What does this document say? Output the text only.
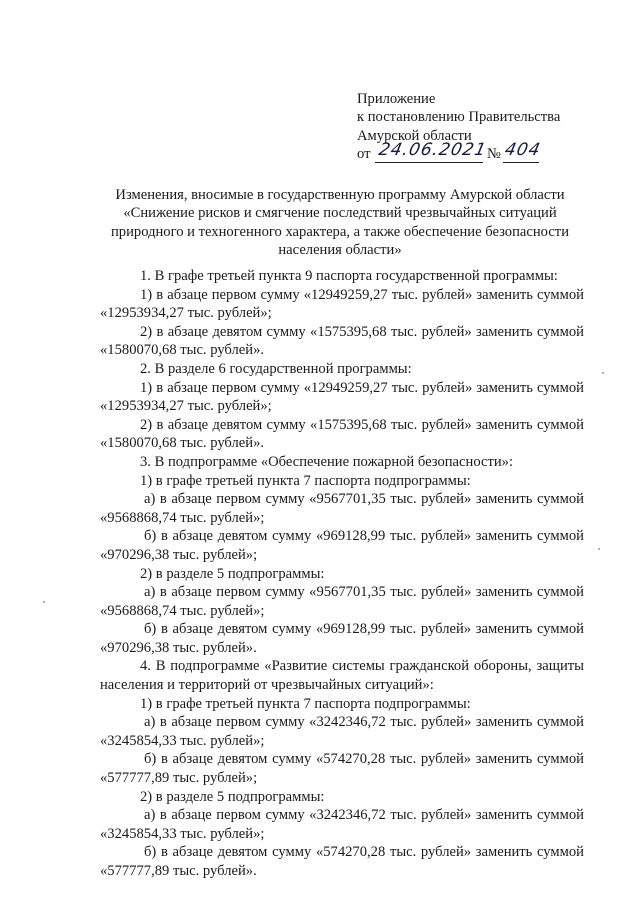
Приложение
к постановлению Правительства
Амурской области
от 24.06.2021
№ 404
Изменения, вносимые в государственную программу Амурской области
«Снижение рисков и смягчение последствий чрезвычайных ситуаций
природного и техногенного характера, а также обеспечение безопасности
населения области»
1. В графе третьей пункта 9 паспорта государственной программы:
1) в абзаце первом сумму «12949259,27 тыс. рублей» заменить суммой
«12953934,27 тыс. рублей»;
2) в абзаце девятом сумму «1575395,68 тыс. рублей» заменить суммой
«1580070,68 тыс. рублей».
2. В разделе 6 государственной программы:
1) в абзаце первом сумму «12949259,27 тыс. рублей» заменить суммой
«12953934,27 тыс. рублей»;
2) в абзаце девятом сумму «1575395,68 тыс. рублей» заменить суммой
«1580070,68 тыс. рублей».
3. В подпрограмме «Обеспечение пожарной безопасности»:
1) в графе третьей пункта 7 паспорта подпрограммы:
а) в абзаце первом сумму «9567701,35 тыс. рублей» заменить суммой
«9568868,74 тыс. рублей»;
б) в абзаце девятом сумму «969128,99 тыс. рублей» заменить суммой
«970296,38 тыс. рублей»;
2) в разделе 5 подпрограммы:
а) в абзаце первом сумму «9567701,35 тыс. рублей» заменить суммой
«9568868,74 тыс. рублей»;
б) в абзаце девятом сумму «969128,99 тыс. рублей» заменить суммой
«970296,38 тыс. рублей».
4. В подпрограмме «Развитие системы гражданской обороны, защиты
населения и территорий от чрезвычайных ситуаций»:
1) в графе третьей пункта 7 паспорта подпрограммы:
а) в абзаце первом сумму «3242346,72 тыс. рублей» заменить суммой
«3245854,33 тыс. рублей»;
б) в абзаце девятом сумму «574270,28 тыс. рублей» заменить суммой
«577777,89 тыс. рублей»;
2) в разделе 5 подпрограммы:
а) в абзаце первом сумму «3242346,72 тыс. рублей» заменить суммой
«3245854,33 тыс. рублей»;
б) в абзаце девятом сумму «574270,28 тыс. рублей» заменить суммой
«577777,89 тыс. рублей».
